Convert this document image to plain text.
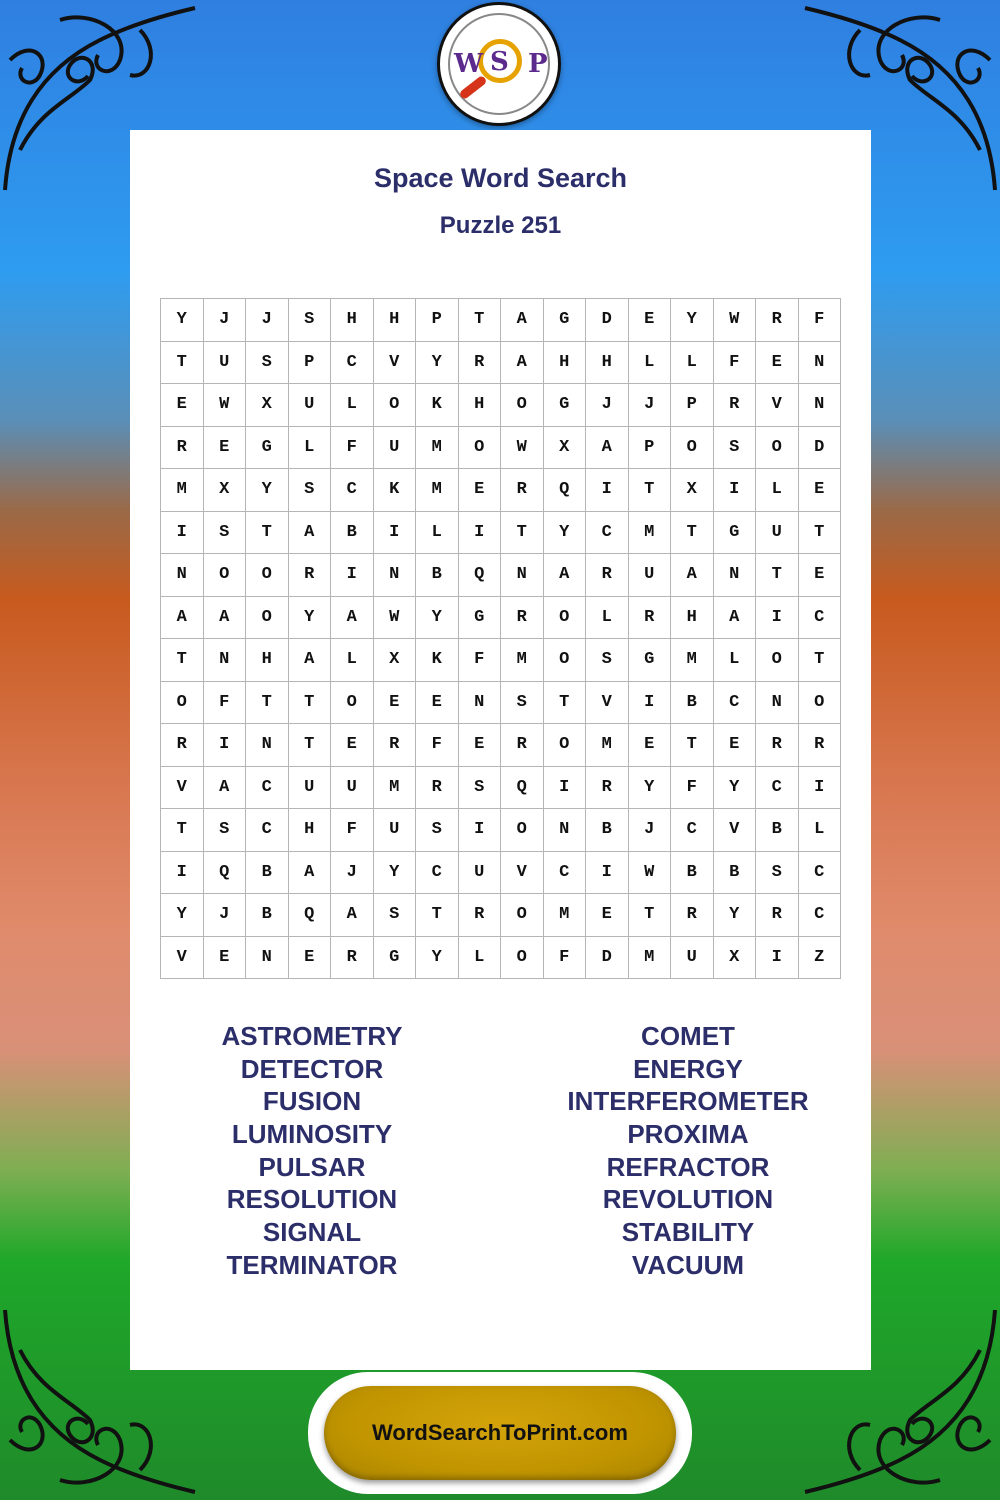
W S P
Space Word Search
Puzzle 251
Y	J	J	S	H	H	P	T	A	G	D	E	Y	W	R	F
T	U	S	P	C	V	Y	R	A	H	H	L	L	F	E	N
E	W	X	U	L	O	K	H	O	G	J	J	P	R	V	N
R	E	G	L	F	U	M	O	W	X	A	P	O	S	O	D
M	X	Y	S	C	K	M	E	R	Q	I	T	X	I	L	E
I	S	T	A	B	I	L	I	T	Y	C	M	T	G	U	T
N	O	O	R	I	N	B	Q	N	A	R	U	A	N	T	E
A	A	O	Y	A	W	Y	G	R	O	L	R	H	A	I	C
T	N	H	A	L	X	K	F	M	O	S	G	M	L	O	T
O	F	T	T	O	E	E	N	S	T	V	I	B	C	N	O
R	I	N	T	E	R	F	E	R	O	M	E	T	E	R	R
V	A	C	U	U	M	R	S	Q	I	R	Y	F	Y	C	I
T	S	C	H	F	U	S	I	O	N	B	J	C	V	B	L
I	Q	B	A	J	Y	C	U	V	C	I	W	B	B	S	C
Y	J	B	Q	A	S	T	R	O	M	E	T	R	Y	R	C
V	E	N	E	R	G	Y	L	O	F	D	M	U	X	I	Z
ASTROMETRY
DETECTOR
FUSION
LUMINOSITY
PULSAR
RESOLUTION
SIGNAL
TERMINATOR
COMET
ENERGY
INTERFEROMETER
PROXIMA
REFRACTOR
REVOLUTION
STABILITY
VACUUM
WordSearchToPrint.com
